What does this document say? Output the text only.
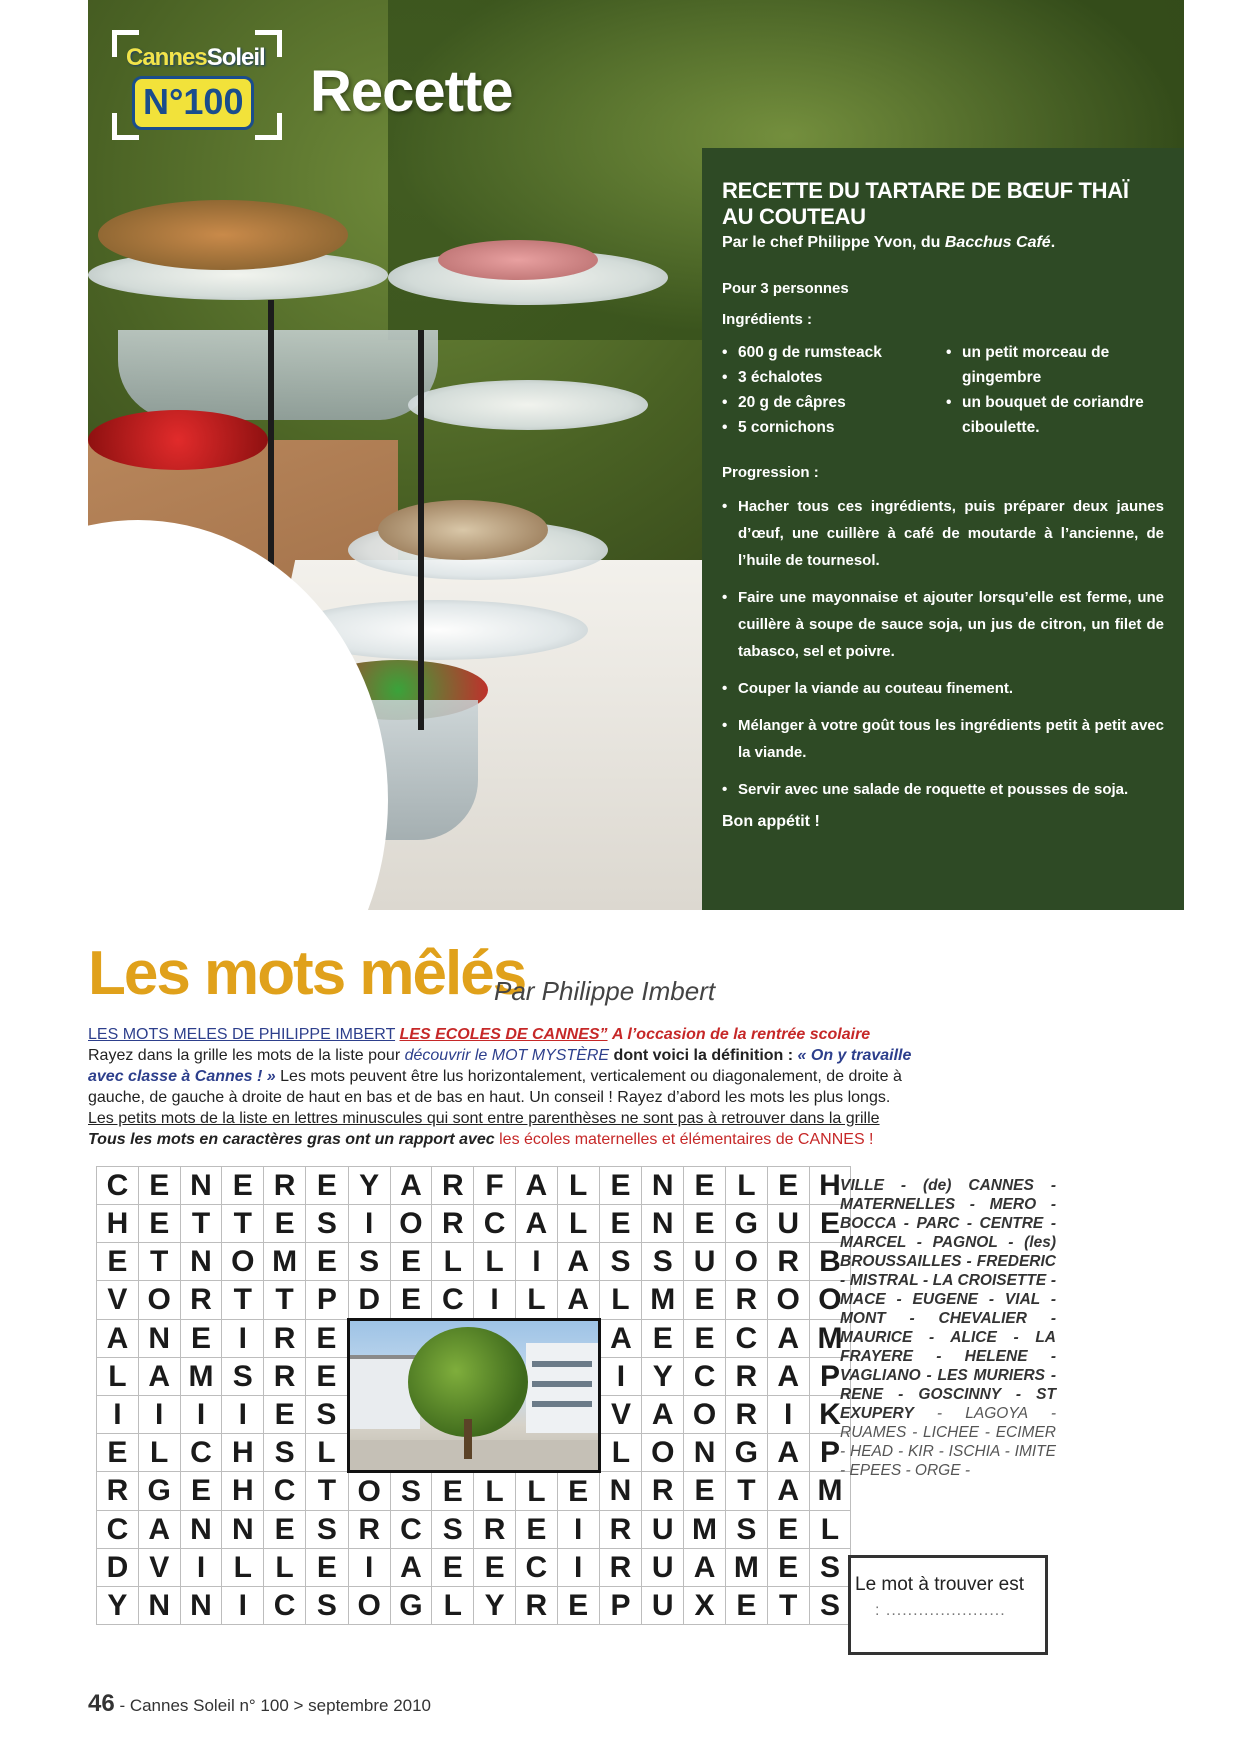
CannesSoleil
N°100 Recette
RECETTE DU TARTARE DE BŒUF THAÏ AU COUTEAU
Par le chef Philippe Yvon, du Bacchus Café.
Pour 3 personnes
Ingrédients :
• 600 g de rumsteack
• 3 échalotes
• 20 g de câpres
• 5 cornichons
• un petit morceau de gingembre
• un bouquet de coriandre ciboulette.
Progression :
• Hacher tous ces ingrédients, puis préparer deux jaunes d’œuf, une cuillère à café de moutarde à l’ancienne, de l’huile de tournesol.
• Faire une mayonnaise et ajouter lorsqu’elle est ferme, une cuillère à soupe de sauce soja, un jus de citron, un filet de tabasco, sel et poivre.
• Couper la viande au couteau finement.
• Mélanger à votre goût tous les ingrédients petit à petit avec la viande.
• Servir avec une salade de roquette et pousses de soja.
Bon appétit !
Les mots mêlés
Par Philippe Imbert
LES MOTS MELES DE PHILIPPE IMBERT LES ECOLES DE CANNES” A l’occasion de la rentrée scolaire
Rayez dans la grille les mots de la liste pour découvrir le MOT MYSTÈRE dont voici la définition : « On y travaille
avec classe à Cannes ! » Les mots peuvent être lus horizontalement, verticalement ou diagonalement, de droite à
gauche, de gauche à droite de haut en bas et de bas en haut. Un conseil ! Rayez d’abord les mots les plus longs.
Les petits mots de la liste en lettres minuscules qui sont entre parenthèses ne sont pas à retrouver dans la grille
Tous les mots en caractères gras ont un rapport avec les écoles maternelles et élémentaires de CANNES !
C	E	N	E	R	E	Y	A	R	F	A	L	E	N	E	L	E	H
H	E	T	T	E	S	I	O	R	C	A	L	E	N	E	G	U	E
E	T	N	O	M	E	S	E	L	L	I	A	S	S	U	O	R	B
V	O	R	T	T	P	D	E	C	I	L	A	L	M	E	R	O	O
A	N	E	I	R	E							A	E	E	C	A	M
L	A	M	S	R	E							I	Y	C	R	A	P
I	I	I	I	E	S							V	A	O	R	I	K
E	L	C	H	S	L							L	O	N	G	A	P
R	G	E	H	C	T	O	S	E	L	L	E	N	R	E	T	A	M
C	A	N	N	E	S	R	C	S	R	E	I	R	U	M	S	E	L
D	V	I	L	L	E	I	A	E	E	C	I	R	U	A	M	E	S
Y	N	N	I	C	S	O	G	L	Y	R	E	P	U	X	E	T	S
VILLE - (de) CANNES - MATERNELLES - MERO - BOCCA - PARC - CENTRE - MARCEL - PAGNOL - (les) BROUSSAILLES - FREDERIC - MISTRAL - LA CROISETTE - MACE - EUGENE - VIAL - MONT - CHEVALIER - MAURICE - ALICE - LA FRAYERE - HELENE - VAGLIANO - LES MURIERS - RENE - GOSCINNY - ST EXUPERY - LAGOYA - RUAMES - LICHEE - ECIMER - HEAD - KIR - ISCHIA - IMITE - EPEES - ORGE -
Le mot à trouver est
: ......................
46 - Cannes Soleil n° 100 > septembre 2010
